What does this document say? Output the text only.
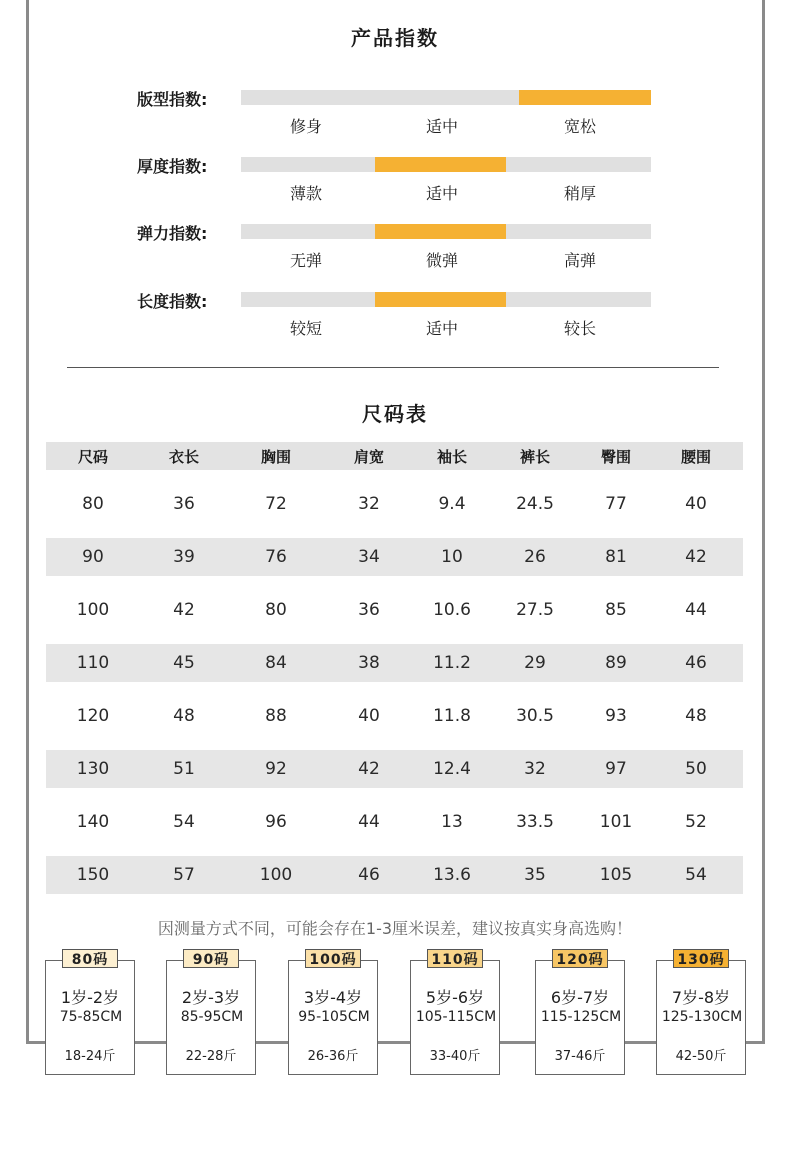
产品指数
版型指数:
修身	适中	宽松
厚度指数:
薄款	适中	稍厚
弹力指数:
无弹	微弹	高弹
长度指数:
较短	适中	较长
尺码表
尺码	衣长	胸围	肩宽	袖长	裤长	臀围	腰围
80	36	72	32	9.4	24.5	77	40
90	39	76	34	10	26	81	42
100	42	80	36	10.6	27.5	85	44
110	45	84	38	11.2	29	89	46
120	48	88	40	11.8	30.5	93	48
130	51	92	42	12.4	32	97	50
140	54	96	44	13	33.5	101	52
150	57	100	46	13.6	35	105	54
因测量方式不同，可能会存在1-3厘米误差，建议按真实身高选购！
1岁-2岁
75-85CM
18-24斤
80码
2岁-3岁
85-95CM
22-28斤
90码
3岁-4岁
95-105CM
26-36斤
100码
5岁-6岁
105-115CM
33-40斤
110码
6岁-7岁
115-125CM
37-46斤
120码
7岁-8岁
125-130CM
42-50斤
130码
